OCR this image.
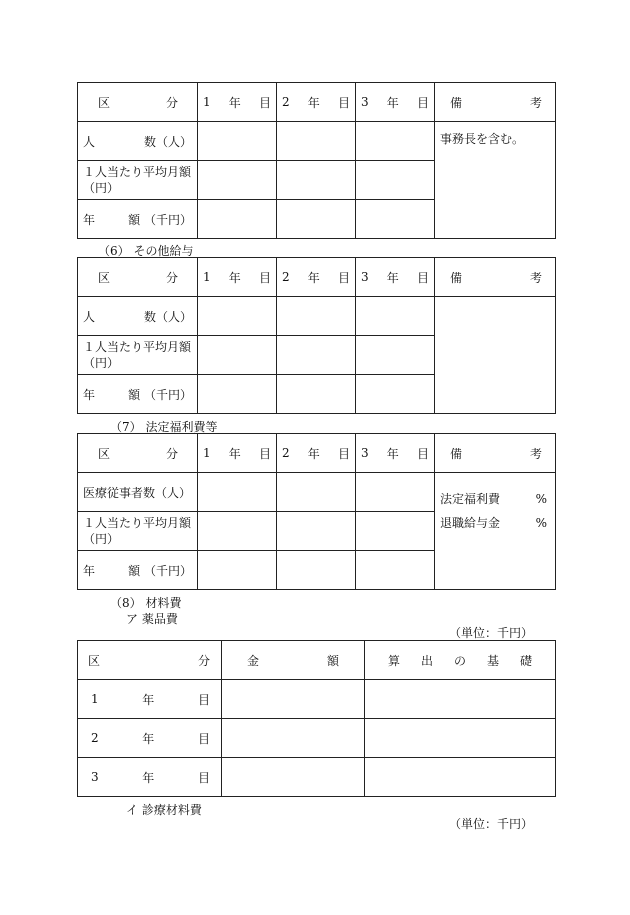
区 分	1 年 目	2 年 目	3 年 目	備 考

人 数（人）				事務長を含む。
１人当たり平均月額（円）				

年 額 （千円）				

（6） その他給与
区 分	1 年 目	2 年 目	3 年 目	備 考

人 数（人）				

１人当たり平均月額（円）				

年 額 （千円）				

（7） 法定福利費等
区 分	1 年 目	2 年 目	3 年 目	備 考

医療従事者数（人）				法定福利費 %
退職給与金 %

１人当たり平均月額（円）				

年 額 （千円）				

（8） 材料費
ア 薬品費
（単位：千円）
区 分	金 額	算 出 の 基 礎

1 年 目		

2 年 目		

3 年 目		

イ 診療材料費
（単位：千円）
